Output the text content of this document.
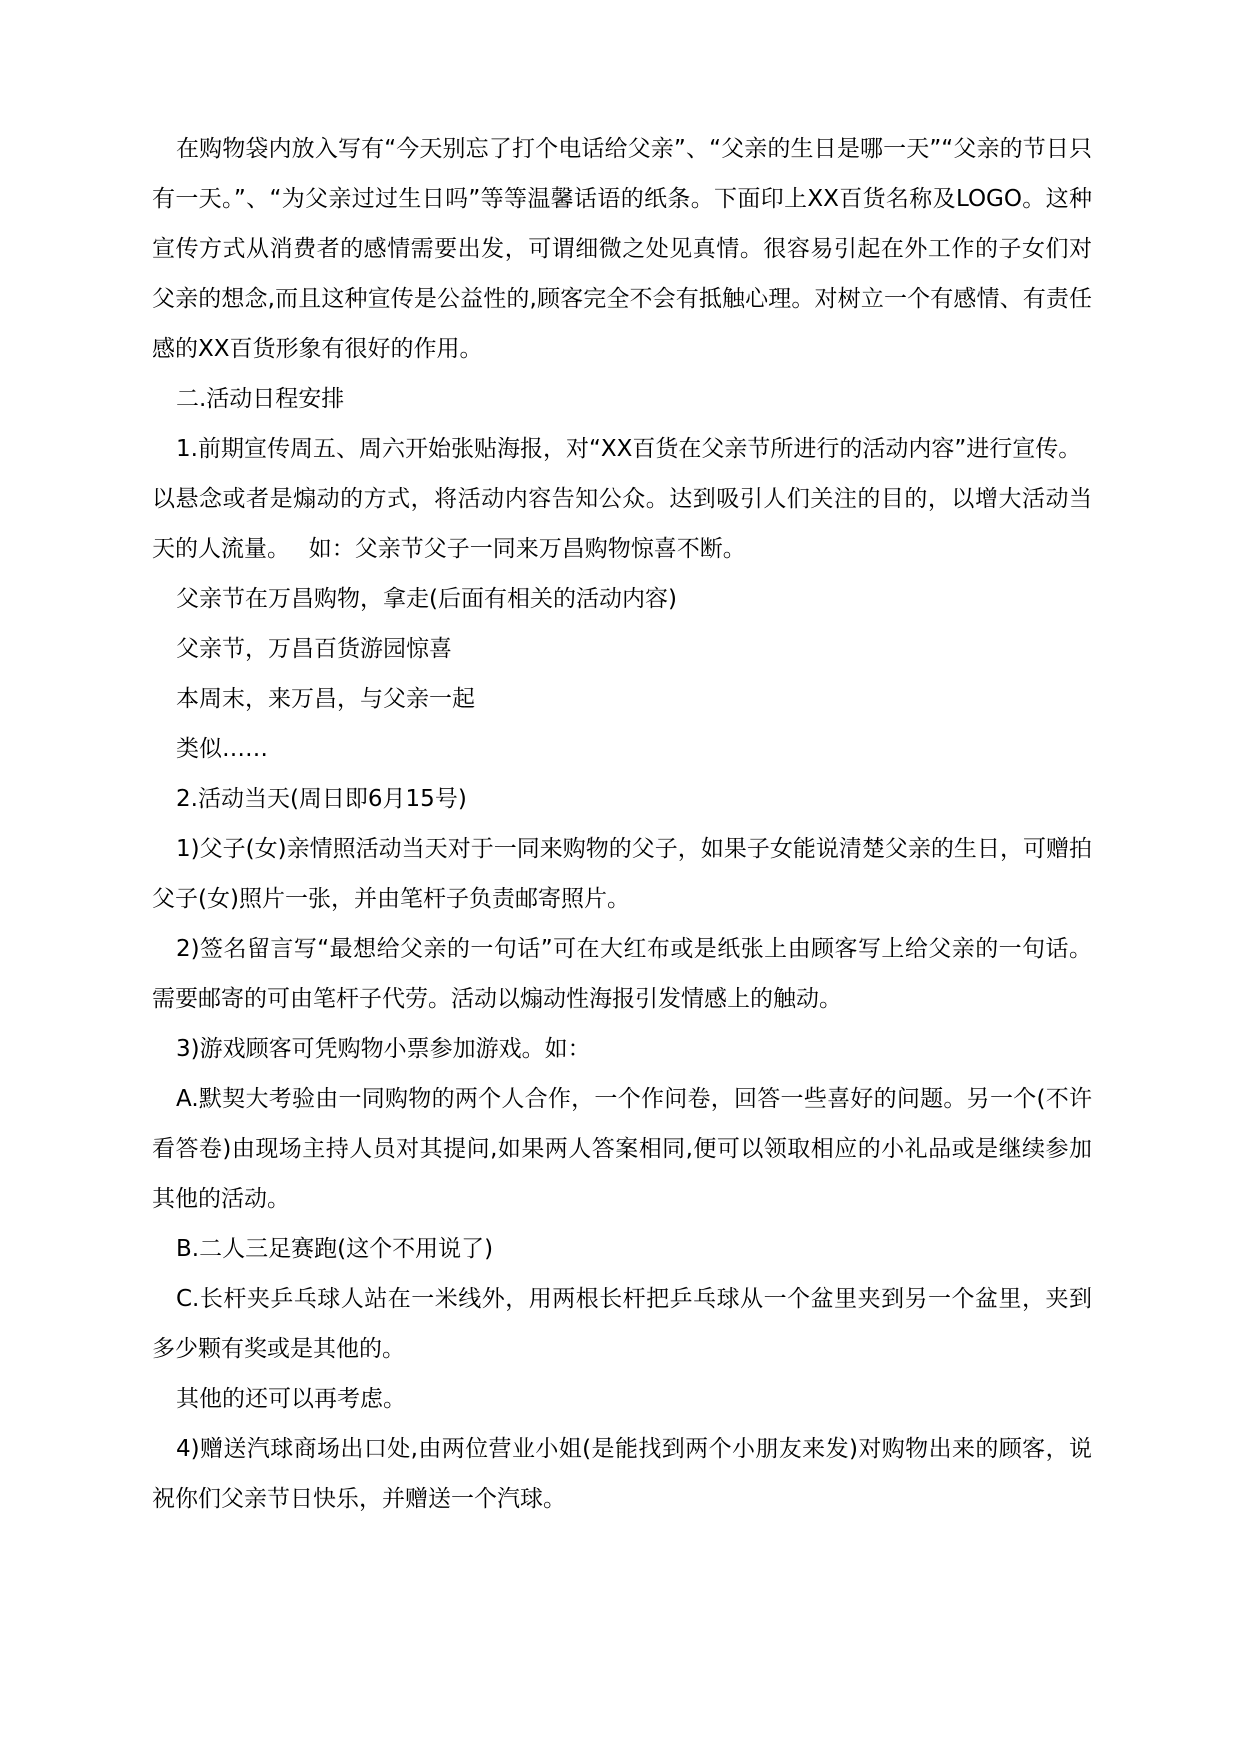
在购物袋内放入写有“今天别忘了打个电话给父亲”、“父亲的生日是哪一天”“父亲的节日只有一天。”、“为父亲过过生日吗”等等温馨话语的纸条。下面印上XX百货名称及LOGO。这种宣传方式从消费者的感情需要出发，可谓细微之处见真情。很容易引起在外工作的子女们对父亲的想念,而且这种宣传是公益性的,顾客完全不会有抵触心理。对树立一个有感情、有责任感的XX百货形象有很好的作用。

二.活动日程安排

1.前期宣传周五、周六开始张贴海报，对“XX百货在父亲节所进行的活动内容”进行宣传。

以悬念或者是煽动的方式，将活动内容告知公众。达到吸引人们关注的目的，以增大活动当天的人流量。　 如：父亲节父子一同来万昌购物惊喜不断。

父亲节在万昌购物，拿走(后面有相关的活动内容)

父亲节，万昌百货游园惊喜

本周末，来万昌，与父亲一起

类似……

2.活动当天(周日即6月15号)

1)父子(女)亲情照活动当天对于一同来购物的父子，如果子女能说清楚父亲的生日，可赠拍父子(女)照片一张，并由笔杆子负责邮寄照片。

2)签名留言写“最想给父亲的一句话”可在大红布或是纸张上由顾客写上给父亲的一句话。需要邮寄的可由笔杆子代劳。活动以煽动性海报引发情感上的触动。

3)游戏顾客可凭购物小票参加游戏。如：

A.默契大考验由一同购物的两个人合作，一个作问卷，回答一些喜好的问题。另一个(不许看答卷)由现场主持人员对其提问,如果两人答案相同,便可以领取相应的小礼品或是继续参加其他的活动。

B.二人三足赛跑(这个不用说了)

C.长杆夹乒乓球人站在一米线外，用两根长杆把乒乓球从一个盆里夹到另一个盆里，夹到多少颗有奖或是其他的。

其他的还可以再考虑。

4)赠送汽球商场出口处,由两位营业小姐(是能找到两个小朋友来发)对购物出来的顾客，说祝你们父亲节日快乐，并赠送一个汽球。
